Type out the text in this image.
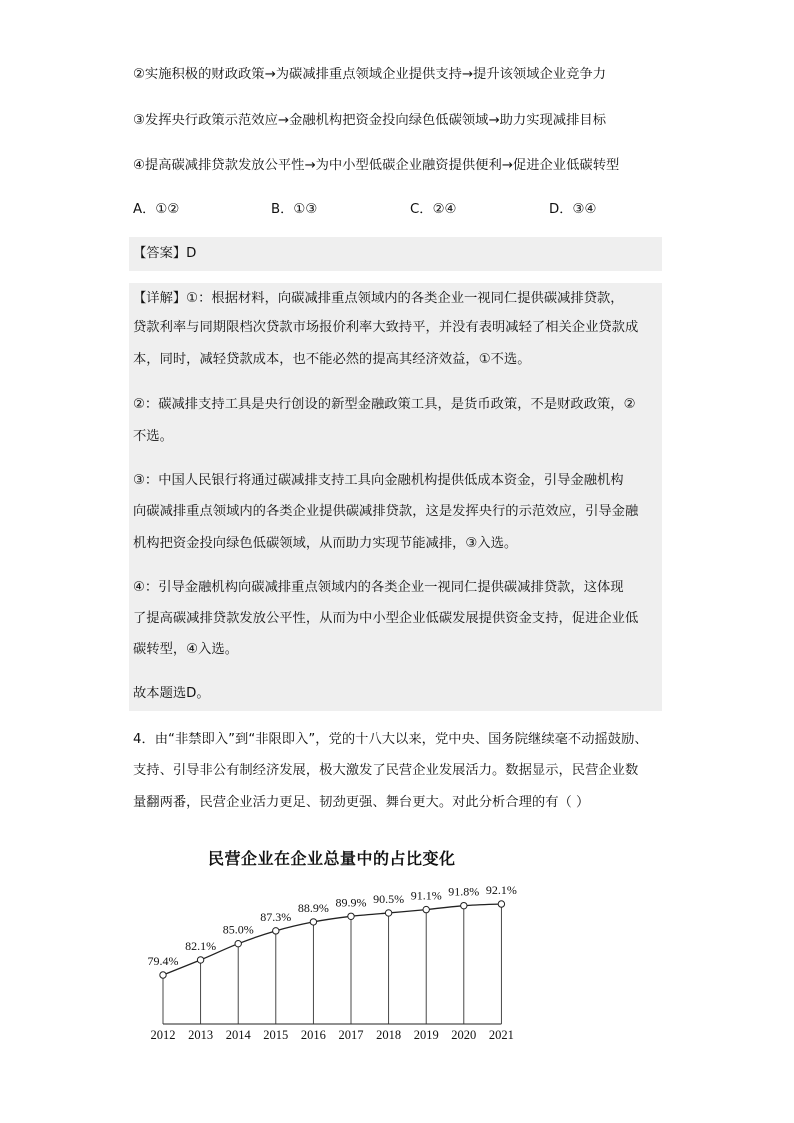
②实施积极的财政政策→为碳减排重点领域企业提供支持→提升该领域企业竞争力
③发挥央行政策示范效应→金融机构把资金投向绿色低碳领域→助力实现减排目标
④提高碳减排贷款发放公平性→为中小型低碳企业融资提供便利→促进企业低碳转型
A．①②	B．①③	C．②④	D．③④
【答案】D
【详解】①：根据材料，向碳减排重点领域内的各类企业一视同仁提供碳减排贷款，
贷款利率与同期限档次贷款市场报价利率大致持平，并没有表明减轻了相关企业贷款成
本，同时，减轻贷款成本，也不能必然的提高其经济效益，①不选。
②：碳减排支持工具是央行创设的新型金融政策工具，是货币政策，不是财政政策，②
不选。
③：中国人民银行将通过碳减排支持工具向金融机构提供低成本资金，引导金融机构
向碳减排重点领域内的各类企业提供碳减排贷款，这是发挥央行的示范效应，引导金融
机构把资金投向绿色低碳领域，从而助力实现节能减排，③入选。
④：引导金融机构向碳减排重点领域内的各类企业一视同仁提供碳减排贷款，这体现
了提高碳减排贷款发放公平性，从而为中小型企业低碳发展提供资金支持，促进企业低
碳转型，④入选。
故本题选D。
4．由“非禁即入”到“非限即入”，党的十八大以来，党中央、国务院继续毫不动摇鼓励、
支持、引导非公有制经济发展，极大激发了民营企业发展活力。数据显示，民营企业数
量翻两番，民营企业活力更足、韧劲更强、舞台更大。对此分析合理的有（ ）
民营企业在企业总量中的占比变化
79.4%
82.1%
85.0%
87.3%
88.9% 89.9% 90.5% 91.1% 91.8% 92.1%
2012 2013 2014 2015 2016 2017 2018 2019 2020 2021
